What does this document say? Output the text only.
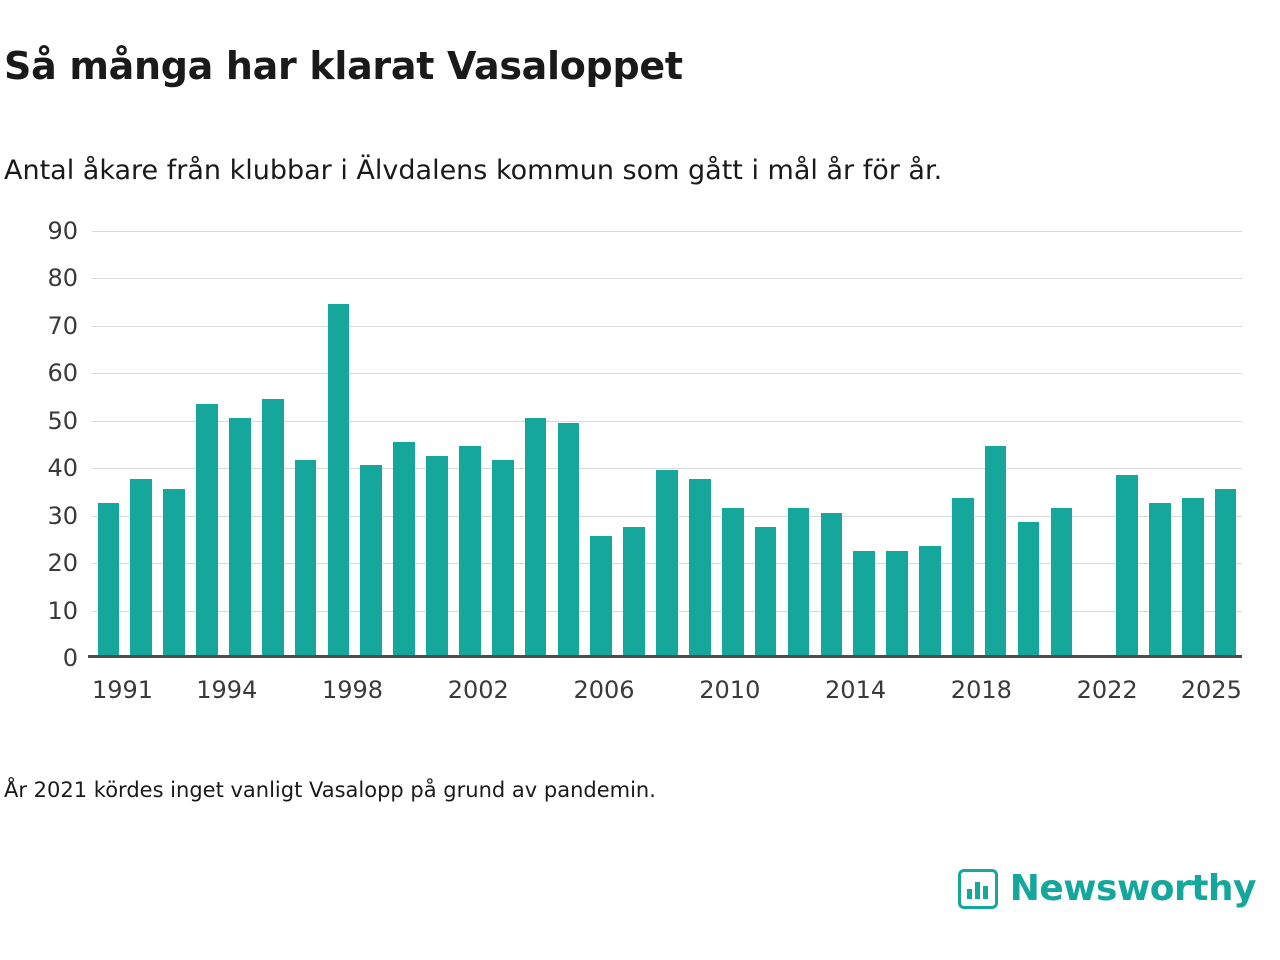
Så många har klarat Vasaloppet
Antal åkare från klubbar i Älvdalens kommun som gått i mål år för år.
0
10
20
30
40
50
60
70
80
90
1991 1994	1998	2002	2006	2010	2014	2018	2022 2025
År 2021 kördes inget vanligt Vasalopp på grund av pandemin.
Newsworthy
